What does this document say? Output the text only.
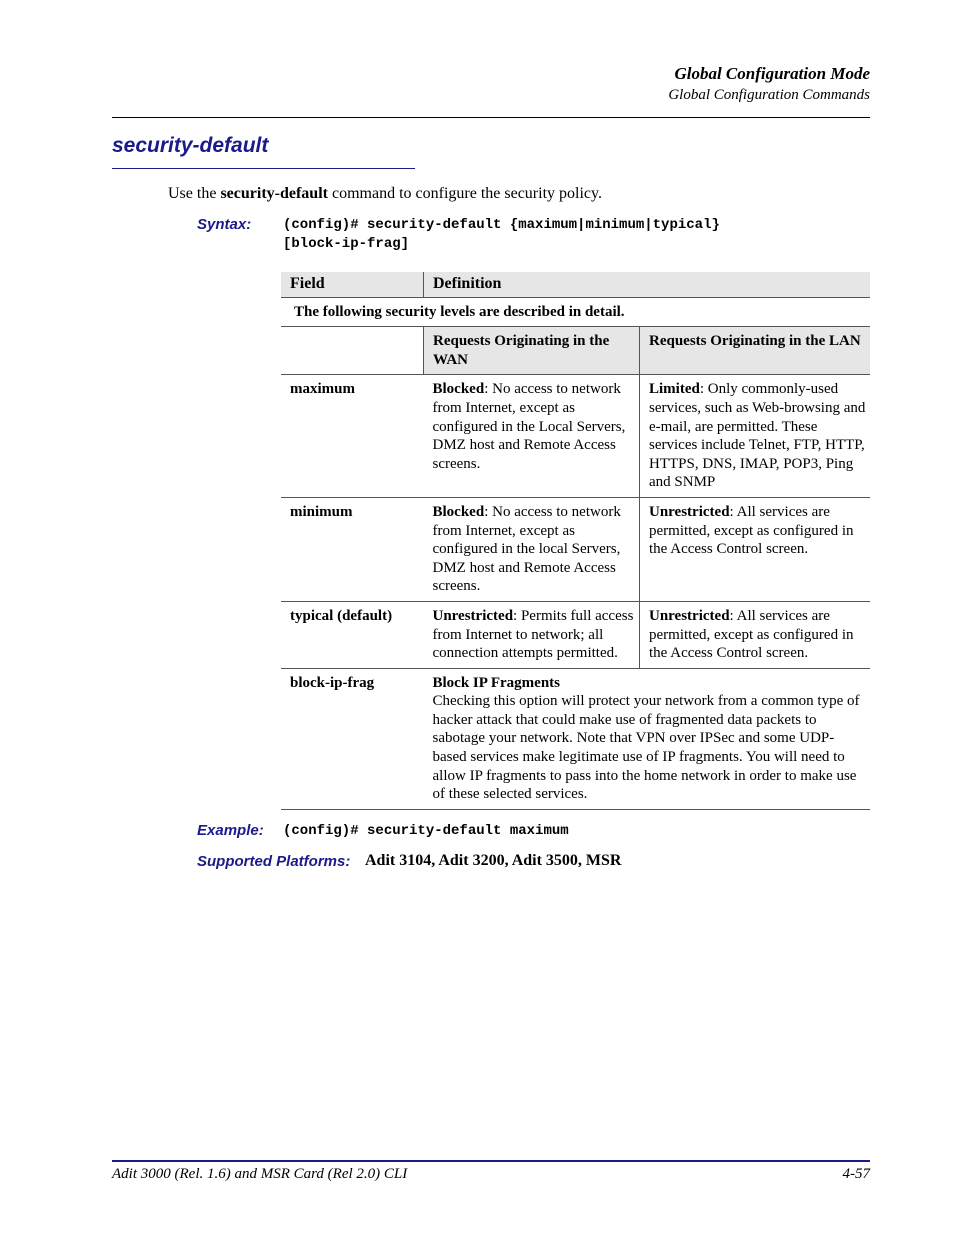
Global Configuration Mode
Global Configuration Commands
security-default
Use the security-default command to configure the security policy.
Syntax: (config)# security-default {maximum|minimum|typical}
[block-ip-frag]
Field	Definition	
The following security levels are described in detail.		
	Requests Originating in the WAN	Requests Originating in the LAN
maximum	Blocked: No access to network from Internet, except as configured in the Local Servers, DMZ host and Remote Access screens.	Limited: Only commonly-used services, such as Web-browsing and e-mail, are permitted. These services include Telnet, FTP, HTTP, HTTPS, DNS, IMAP, POP3, Ping and SNMP
minimum	Blocked: No access to network from Internet, except as configured in the local Servers, DMZ host and Remote Access screens.	Unrestricted: All services are permitted, except as configured in the Access Control screen.
typical (default)	Unrestricted: Permits full access from Internet to network; all connection attempts permitted.	Unrestricted: All services are permitted, except as configured in the Access Control screen.
block-ip-frag	Block IP Fragments
Checking this option will protect your network from a common type of hacker attack that could make use of fragmented data packets to sabotage your network. Note that VPN over IPSec and some UDP-based services make legitimate use of IP fragments. You will need to allow IP fragments to pass into the home network in order to make use of these selected services.	
Example: (config)# security-default maximum
Supported Platforms: Adit 3104, Adit 3200, Adit 3500, MSR
Adit 3000 (Rel. 1.6) and MSR Card (Rel 2.0) CLI	4-57
